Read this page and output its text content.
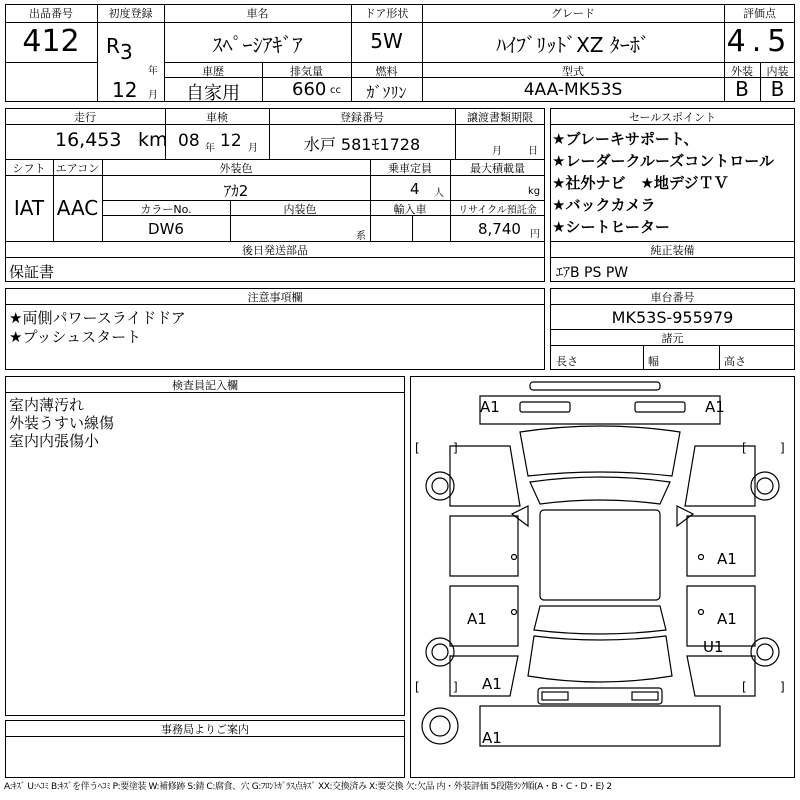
出品番号
412
初度登録
R 3
年
12 月
車名
ｽﾍﾟｰｼｱｷﾞｱ
ドア形状
5W
グレード
ﾊｲﾌﾞﾘｯﾄﾞXZ ﾀｰﾎﾞ
評価点
4.5
車歴
自家用
排気量
660 cc
燃料
ｶﾞｿﾘﾝ
型式
4AA-MK53S
外装	内装
B	B
走行
16,453 km
車検
08 年 12 月
登録番号
水戸 581ﾓ1728
譲渡書類期限
月	日
シフト
IAT
エアコン
AAC
外装色
ｱｶ2
乗車定員
4 人
最大積載量
kg
カラーNo.
DW6
内装色
系
輸入車	リサイクル預託金
8,740 円
後日発送部品
保証書
セールスポイント
★ブレーキサポート、
★レーダークルーズコントロール
★社外ナビ　★地デジＴＶ
★バックカメラ
★シートヒーター
純正装備
ｴｱB PS PW
注意事項欄
★両側パワースライドドア
★プッシュスタート
車台番号
MK53S-955979
諸元
長さ	幅	高さ
検査員記入欄
室内薄汚れ
外装うすい線傷
室内内張傷小
事務局よりご案内
[	]	[	]
[	]	[	]
A1	A1
A1
A1	A1
A1
U1
A1
A:ｷｽﾞ U:ﾍｺﾐ B:ｷｽﾞを伴うﾍｺﾐ P:要塗装 W:補修跡 S:錆 C:腐食、穴 G:ﾌﾛﾝﾄｶﾞﾗｽ点ｷｽﾞ XX:交換済み X:要交換 欠:欠品 内・外装評価 5段階ﾗﾝｸ順(A・B・C・D・E) 2
